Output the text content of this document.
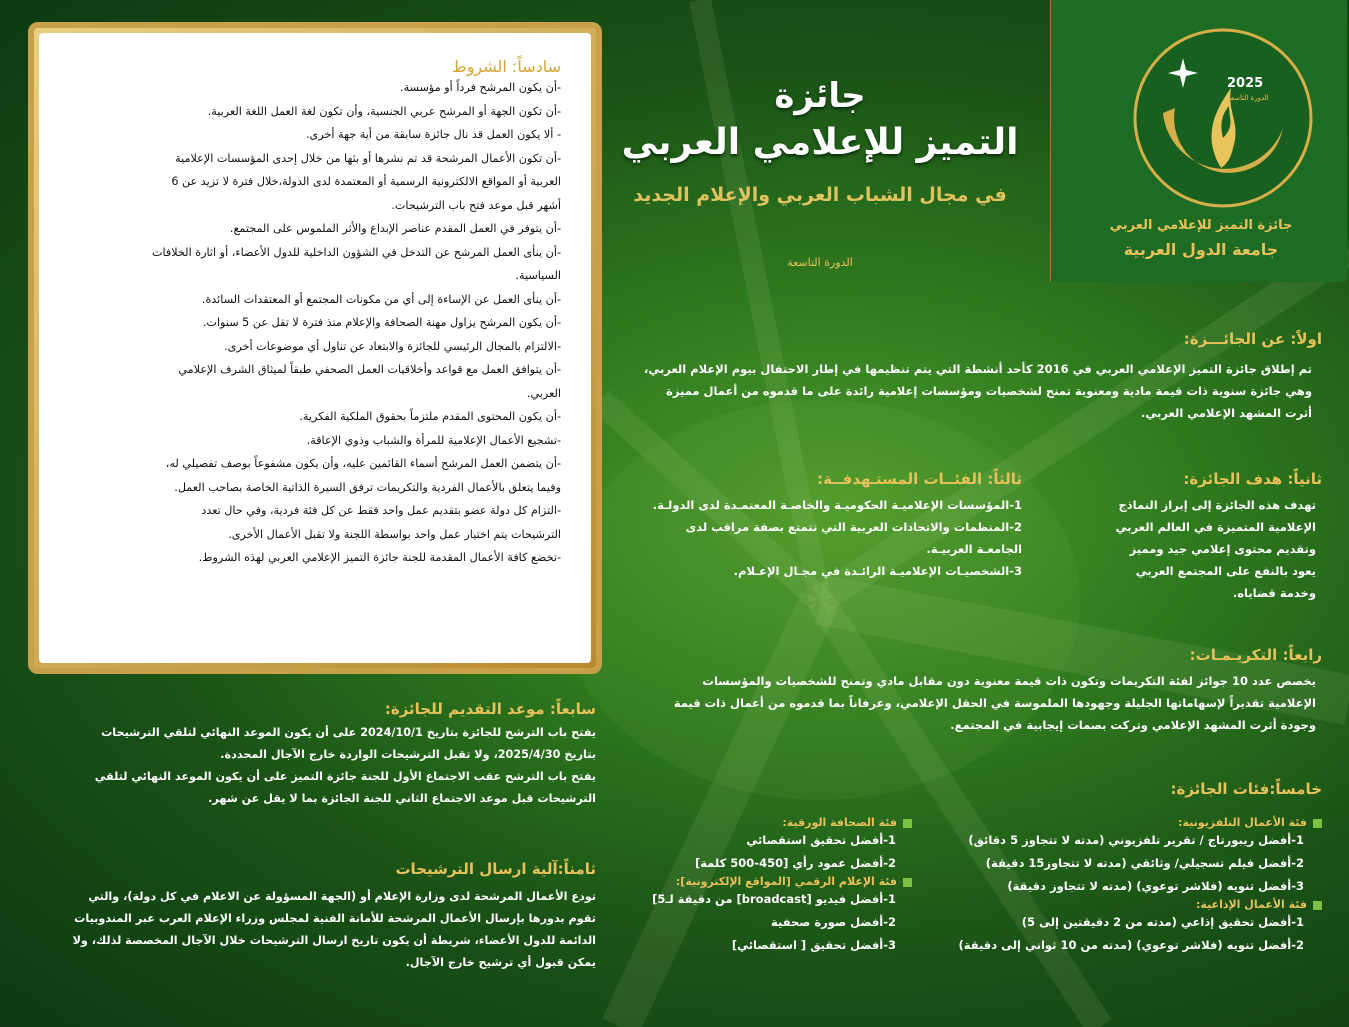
2025
الدورة التاسعة
جائزة التميز للإعلامي العربي
جامعة الدول العربية
جائزة
التميز للإعلامي العربي
في مجال الشباب العربي والإعلام الجديد
الدورة التاسعة
اولاً: عن الجائـــزة:
تم إطلاق جائزة التميز الإعلامي العربي في 2016 كأحد أنشطة التي يتم تنظيمها في إطار الاحتفال بيوم الإعلام العربي،
وهي جائزة سنوية ذات قيمة مادية ومعنوية تمنح لشخصيات ومؤسسات إعلامية رائدة على ما قدموه من أعمال مميزة
أثرت المشهد الإعلامي العربي.
ثانياً: هدف الجائزة:
تهدف هذه الجائزة إلى إبراز النماذج
الإعلامية المتميزة في العالم العربي
وتقديم محتوى إعلامي جيد ومميز
يعود بالنفع على المجتمع العربي
وخدمة قضاياه.
ثالثاً: الفئــات المستـهدفــة:
1-المؤسسات الإعلاميـة الحكوميـة والخاصـة المعتمـدة لدى الدولـة.
2-المنظمات والاتحادات العربية التي تتمتع بصفة مراقب لدى
الجامعـة العربيـة.
3-الشخصيـات الإعلاميـة الرائـدة في مجـال الإعـلام.
رابعاً: التكريـمـات:
يخصص عدد 10 جوائز لفئة التكريمات وتكون ذات قيمة معنوية دون مقابل مادي وتمنح للشخصيات والمؤسسات
الإعلامية تقديراً لإسهاماتها الجليلة وجهودها الملموسة في الحقل الإعلامي، وعرفاناً بما قدموه من أعمال ذات قيمة
وجودة أثرت المشهد الإعلامي وتركت بصمات إيجابية في المجتمع.
خامساً:فئات الجائزة:
فئة الأعمال التلفزيونية:
1-أفضل ريبورتاج / تقرير تلفزيوني (مدته لا تتجاوز 5 دقائق)
2-أفضل فيلم تسجيلي/ وثائقي (مدته لا تتجاوز15 دقيقة)
3-أفضل تنويه (فلاشر توعوي) (مدته لا تتجاوز دقيقة)
فئة الأعمال الإذاعية:
1-أفضل تحقيق إذاعي (مدته من 2 دقيقتين إلى 5)
2-أفضل تنويه (فلاشر توعوي) (مدته من 10 ثواني إلى دقيقة)
فئة الصحافة الورقية:
1-أفضل تحقيق استقصائي
2-أفضل عمود رأي [450-500 كلمة]
فئة الإعلام الرقمي [المواقع الإلكترونية]:
1-أفضل فيديو [broadcast] من دقيقة لـ5]
2-أفضل صورة صحفية
3-أفضل تحقيق [ استقصائي]
سادساً: الشروط
-أن يكون المرشح فرداً أو مؤسسة.
-أن تكون الجهة أو المرشح عربي الجنسية، وأن تكون لغة العمل اللغة العربية.
- ألا يكون العمل قد نال جائزة سابقة من أية جهة أخرى.
-أن تكون الأعمال المرشحة قد تم نشرها أو بثها من خلال إحدى المؤسسات الإعلامية
العربية أو المواقع الالكترونية الرسمية أو المعتمدة لدى الدولة،خلال فترة لا تزيد عن 6
أشهر قبل موعد فتح باب الترشيحات.
-أن يتوفر في العمل المقدم عناصر الإبداع والأثر الملموس على المجتمع.
-أن ينأى العمل المرشح عن التدخل في الشؤون الداخلية للدول الأعضاء، أو اثارة الخلافات
السياسية.
-أن ينأى العمل عن الإساءة إلى أي من مكونات المجتمع أو المعتقدات السائدة.
-أن يكون المرشح يزاول مهنة الصحافة والإعلام منذ فترة لا تقل عن 5 سنوات.
-الالتزام بالمجال الرئيسي للجائزة والابتعاد عن تناول أي موضوعات أخرى.
-أن يتوافق العمل مع قواعد وأخلاقيات العمل الصحفي طبقاً لميثاق الشرف الإعلامي
العربي.
-أن يكون المحتوى المقدم ملتزماً بحقوق الملكية الفكرية.
-تشجيع الأعمال الإعلامية للمرأة والشباب وذوي الإعاقة.
-أن يتضمن العمل المرشح أسماء القائمين عليه، وأن يكون مشفوعاً بوصف تفصيلي له،
وفيما يتعلق بالأعمال الفردية والتكريمات ترفق السيرة الذاتية الخاصة بصاحب العمل.
-التزام كل دولة عضو بتقديم عمل واحد فقط عن كل فئة فردية، وفي حال تعدد
الترشيحات يتم اختيار عمل واحد بواسطة اللجنة ولا تقبل الأعمال الأخرى.
-تخضع كافة الأعمال المقدمة للجنة جائزة التميز الإعلامي العربي لهذه الشروط.
سابعاً: موعد التقديم للجائزة:
يفتح باب الترشح للجائزة بتاريخ 2024/10/1 على أن يكون الموعد النهائي لتلقي الترشيحات
بتاريخ 2025/4/30، ولا تقبل الترشيحات الواردة خارج الآجال المحددة.
يفتح باب الترشح عقب الاجتماع الأول للجنة جائزة التميز على أن يكون الموعد النهائي لتلقي
الترشيحات قبل موعد الاجتماع الثاني للجنة الجائزة بما لا يقل عن شهر.
ثامناً:آلية ارسال الترشيحات
تودع الأعمال المرشحة لدى وزارة الإعلام أو (الجهة المسؤولة عن الاعلام في كل دولة)، والتي
تقوم بدورها بإرسال الأعمال المرشحة للأمانة الفنية لمجلس وزراء الإعلام العرب عبر المندوبيات
الدائمة للدول الأعضاء، شريطة أن يكون تاريخ ارسال الترشيحات خلال الآجال المخصصة لذلك، ولا
يمكن قبول أي ترشيح خارج الآجال.
